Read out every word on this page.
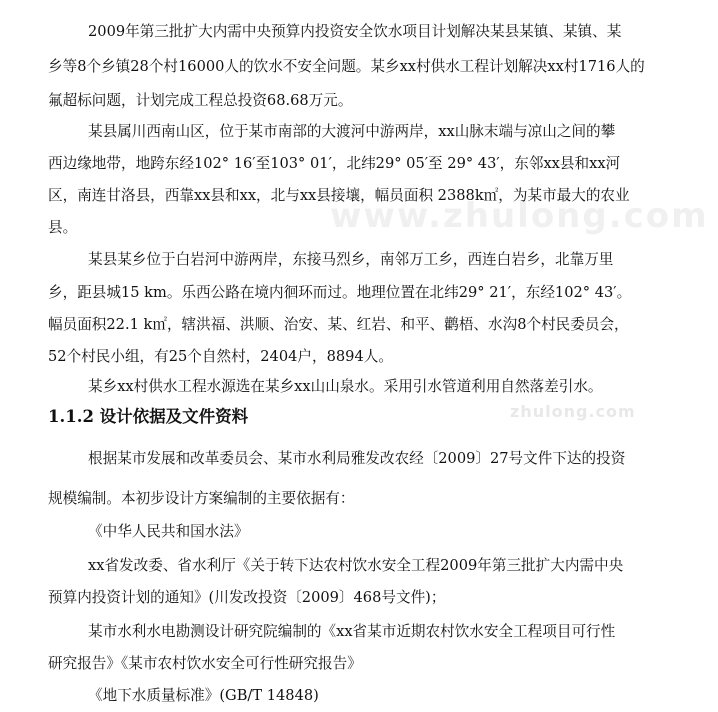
www.zhulong.com
zhulong.com
2009年第三批扩大内需中央预算内投资安全饮水项目计划解决某县某镇、某镇、某
乡等8个乡镇28个村16000人的饮水不安全问题。某乡xx村供水工程计划解决xx村1716人的
氟超标问题，计划完成工程总投资68.68万元。
某县属川西南山区，位于某市南部的大渡河中游两岸，xx山脉末端与凉山之间的攀
西边缘地带，地跨东经102° 16′至103° 01′，北纬29° 05′至 29° 43′，东邻xx县和xx河
区，南连甘洛县，西靠xx县和xx，北与xx县接壤，幅员面积 2388k㎡，为某市最大的农业
县。
某县某乡位于白岩河中游两岸，东接马烈乡，南邻万工乡，西连白岩乡，北靠万里
乡，距县城15 km。乐西公路在境内徊环而过。地理位置在北纬29° 21′，东经102° 43′。
幅员面积22.1 k㎡，辖洪福、洪顺、治安、某、红岩、和平、鹳梧、水沟8个村民委员会，
52个村民小组，有25个自然村，2404户，8894人。
某乡xx村供水工程水源选在某乡xx山山泉水。采用引水管道利用自然落差引水。
1.1.2 设计依据及文件资料
根据某市发展和改革委员会、某市水利局雅发改农经〔2009〕27号文件下达的投资
规模编制。本初步设计方案编制的主要依据有：
《中华人民共和国水法》
xx省发改委、省水利厅《关于转下达农村饮水安全工程2009年第三批扩大内需中央
预算内投资计划的通知》(川发改投资〔2009〕468号文件)；
某市水利水电勘测设计研究院编制的《xx省某市近期农村饮水安全工程项目可行性
研究报告》《某市农村饮水安全可行性研究报告》
《地下水质量标准》(GB/T 14848)
